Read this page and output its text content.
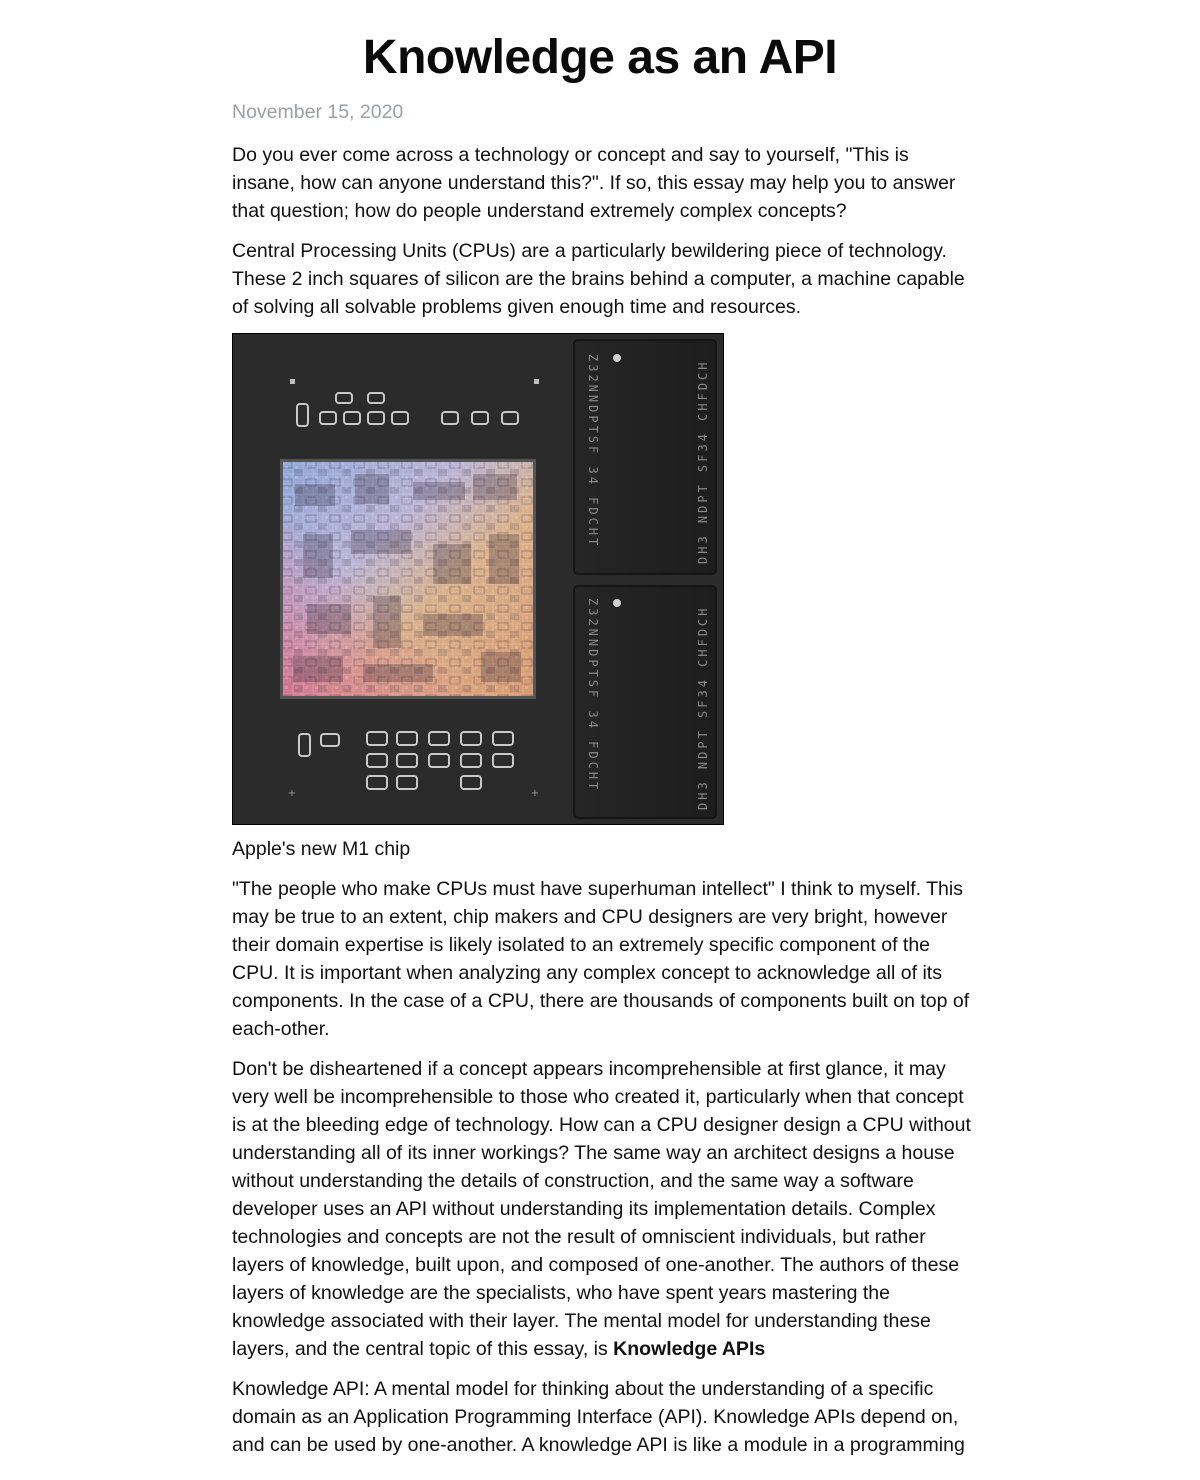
Knowledge as an API
November 15, 2020

Do you ever come across a technology or concept and say to yourself, "This is insane, how can anyone understand this?". If so, this essay may help you to answer that question; how do people understand extremely complex concepts?

Central Processing Units (CPUs) are a particularly bewildering piece of technology. These 2 inch squares of silicon are the brains behind a computer, a machine capable of solving all solvable problems given enough time and resources.

+	+
Z32NNDPTSF 34 FDCHT	DH3 NDPT SF34 CHFDCH
Z32NNDPTSF 34 FDCHT	DH3 NDPT SF34 CHFDCH

Apple's new M1 chip

"The people who make CPUs must have superhuman intellect" I think to myself. This may be true to an extent, chip makers and CPU designers are very bright, however their domain expertise is likely isolated to an extremely specific component of the CPU. It is important when analyzing any complex concept to acknowledge all of its components. In the case of a CPU, there are thousands of components built on top of each-other.

Don't be disheartened if a concept appears incomprehensible at first glance, it may very well be incomprehensible to those who created it, particularly when that concept is at the bleeding edge of technology. How can a CPU designer design a CPU without understanding all of its inner workings? The same way an architect designs a house without understanding the details of construction, and the same way a software developer uses an API without understanding its implementation details. Complex technologies and concepts are not the result of omniscient individuals, but rather layers of knowledge, built upon, and composed of one-another. The authors of these layers of knowledge are the specialists, who have spent years mastering the knowledge associated with their layer. The mental model for understanding these layers, and the central topic of this essay, is Knowledge APIs

Knowledge API: A mental model for thinking about the understanding of a specific domain as an Application Programming Interface (API). Knowledge APIs depend on, and can be used by one-another. A knowledge API is like a module in a programming
